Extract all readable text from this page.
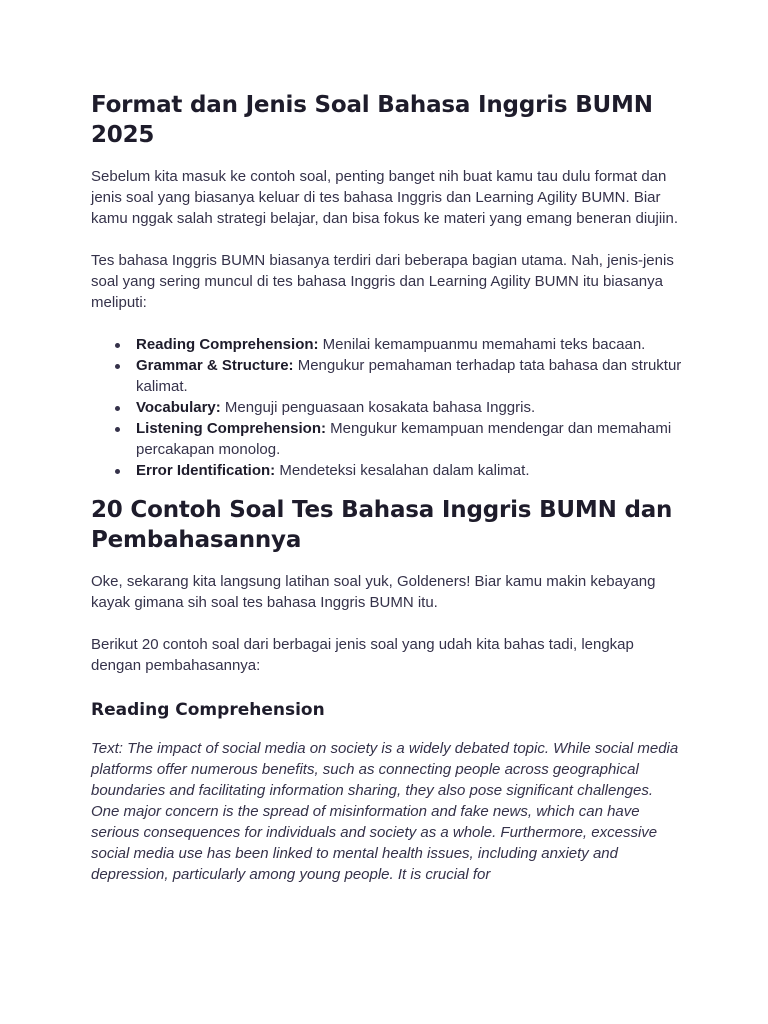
Format dan Jenis Soal Bahasa Inggris BUMN 2025

Sebelum kita masuk ke contoh soal, penting banget nih buat kamu tau dulu format dan jenis soal yang biasanya keluar di tes bahasa Inggris dan Learning Agility BUMN. Biar kamu nggak salah strategi belajar, dan bisa fokus ke materi yang emang beneran diujiin.

Tes bahasa Inggris BUMN biasanya terdiri dari beberapa bagian utama. Nah, jenis-jenis soal yang sering muncul di tes bahasa Inggris dan Learning Agility BUMN itu biasanya meliputi:

Reading Comprehension: Menilai kemampuanmu memahami teks bacaan.
Grammar & Structure: Mengukur pemahaman terhadap tata bahasa dan struktur kalimat.
Vocabulary: Menguji penguasaan kosakata bahasa Inggris.
Listening Comprehension: Mengukur kemampuan mendengar dan memahami percakapan monolog.
Error Identification: Mendeteksi kesalahan dalam kalimat.
20 Contoh Soal Tes Bahasa Inggris BUMN dan Pembahasannya

Oke, sekarang kita langsung latihan soal yuk, Goldeners! Biar kamu makin kebayang kayak gimana sih soal tes bahasa Inggris BUMN itu.

Berikut 20 contoh soal dari berbagai jenis soal yang udah kita bahas tadi, lengkap dengan pembahasannya:

Reading Comprehension

Text: The impact of social media on society is a widely debated topic. While social media platforms offer numerous benefits, such as connecting people across geographical boundaries and facilitating information sharing, they also pose significant challenges. One major concern is the spread of misinformation and fake news, which can have serious consequences for individuals and society as a whole. Furthermore, excessive social media use has been linked to mental health issues, including anxiety and depression, particularly among young people. It is crucial for
